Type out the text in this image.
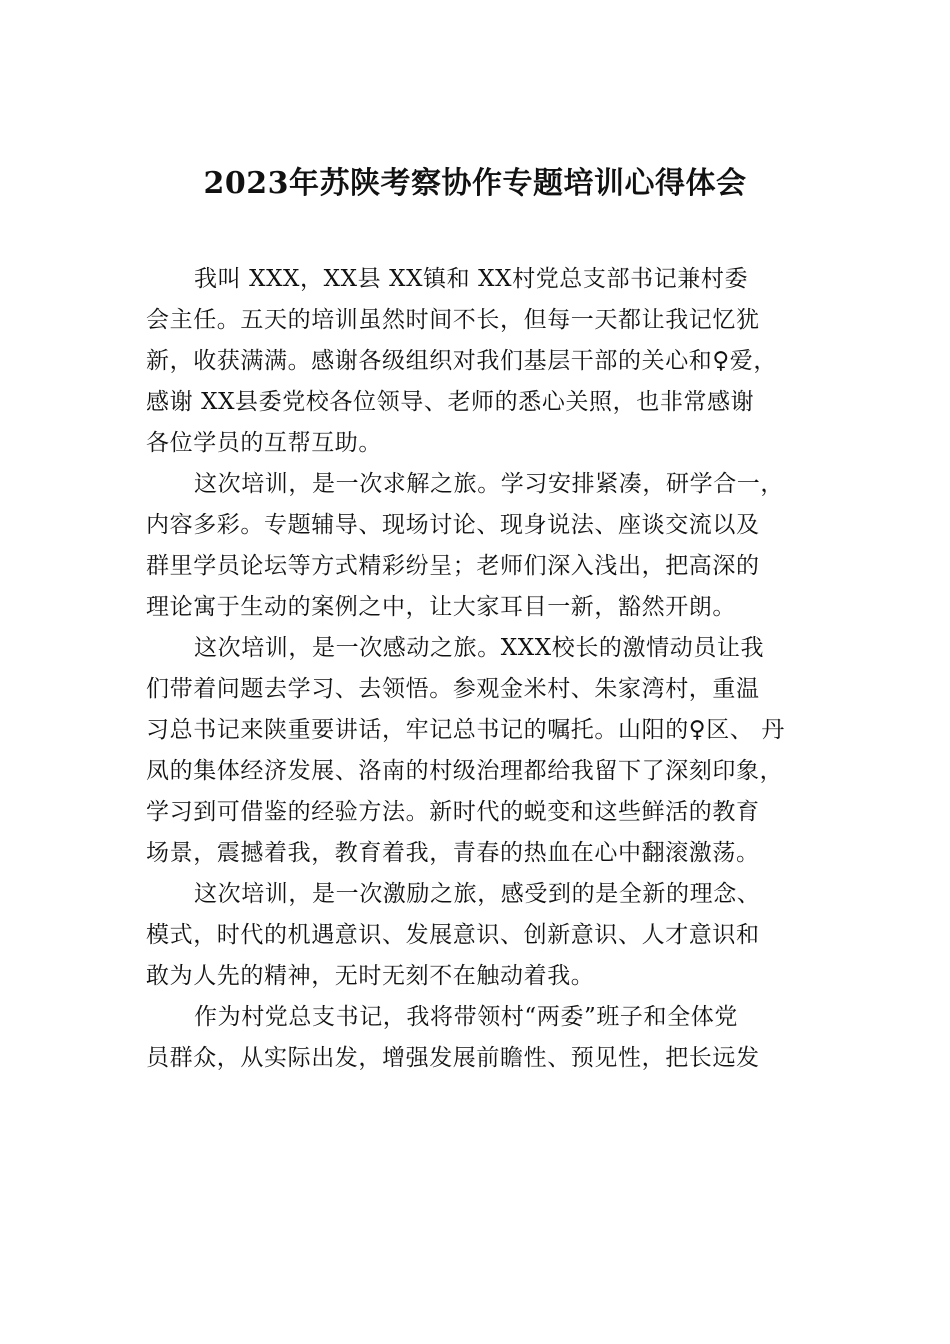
2023年苏陕考察协作专题培训心得体会
我叫 XXX，XX县 XX镇和 XX村党总支部书记兼村委
会主任。五天的培训虽然时间不长，但每一天都让我记忆犹
新，收获满满。感谢各级组织对我们基层干部的关心和♀爱，
感谢 XX县委党校各位领导、老师的悉心关照，也非常感谢
各位学员的互帮互助。
这次培训，是一次求解之旅。学习安排紧凑，研学合一，
内容多彩。专题辅导、现场讨论、现身说法、座谈交流以及
群里学员论坛等方式精彩纷呈；老师们深入浅出，把高深的
理论寓于生动的案例之中，让大家耳目一新，豁然开朗。
这次培训，是一次感动之旅。XXX校长的激情动员让我
们带着问题去学习、去领悟。参观金米村、朱家湾村，重温
习总书记来陕重要讲话，牢记总书记的嘱托。山阳的♀区、 丹
凤的集体经济发展、洛南的村级治理都给我留下了深刻印象，
学习到可借鉴的经验方法。新时代的蜕变和这些鲜活的教育
场景，震撼着我，教育着我，青春的热血在心中翻滚激荡。
这次培训，是一次激励之旅，感受到的是全新的理念、
模式，时代的机遇意识、发展意识、创新意识、人才意识和
敢为人先的精神，无时无刻不在触动着我。
作为村党总支书记，我将带领村“两委”班子和全体党
员群众，从实际出发，增强发展前瞻性、预见性，把长远发
